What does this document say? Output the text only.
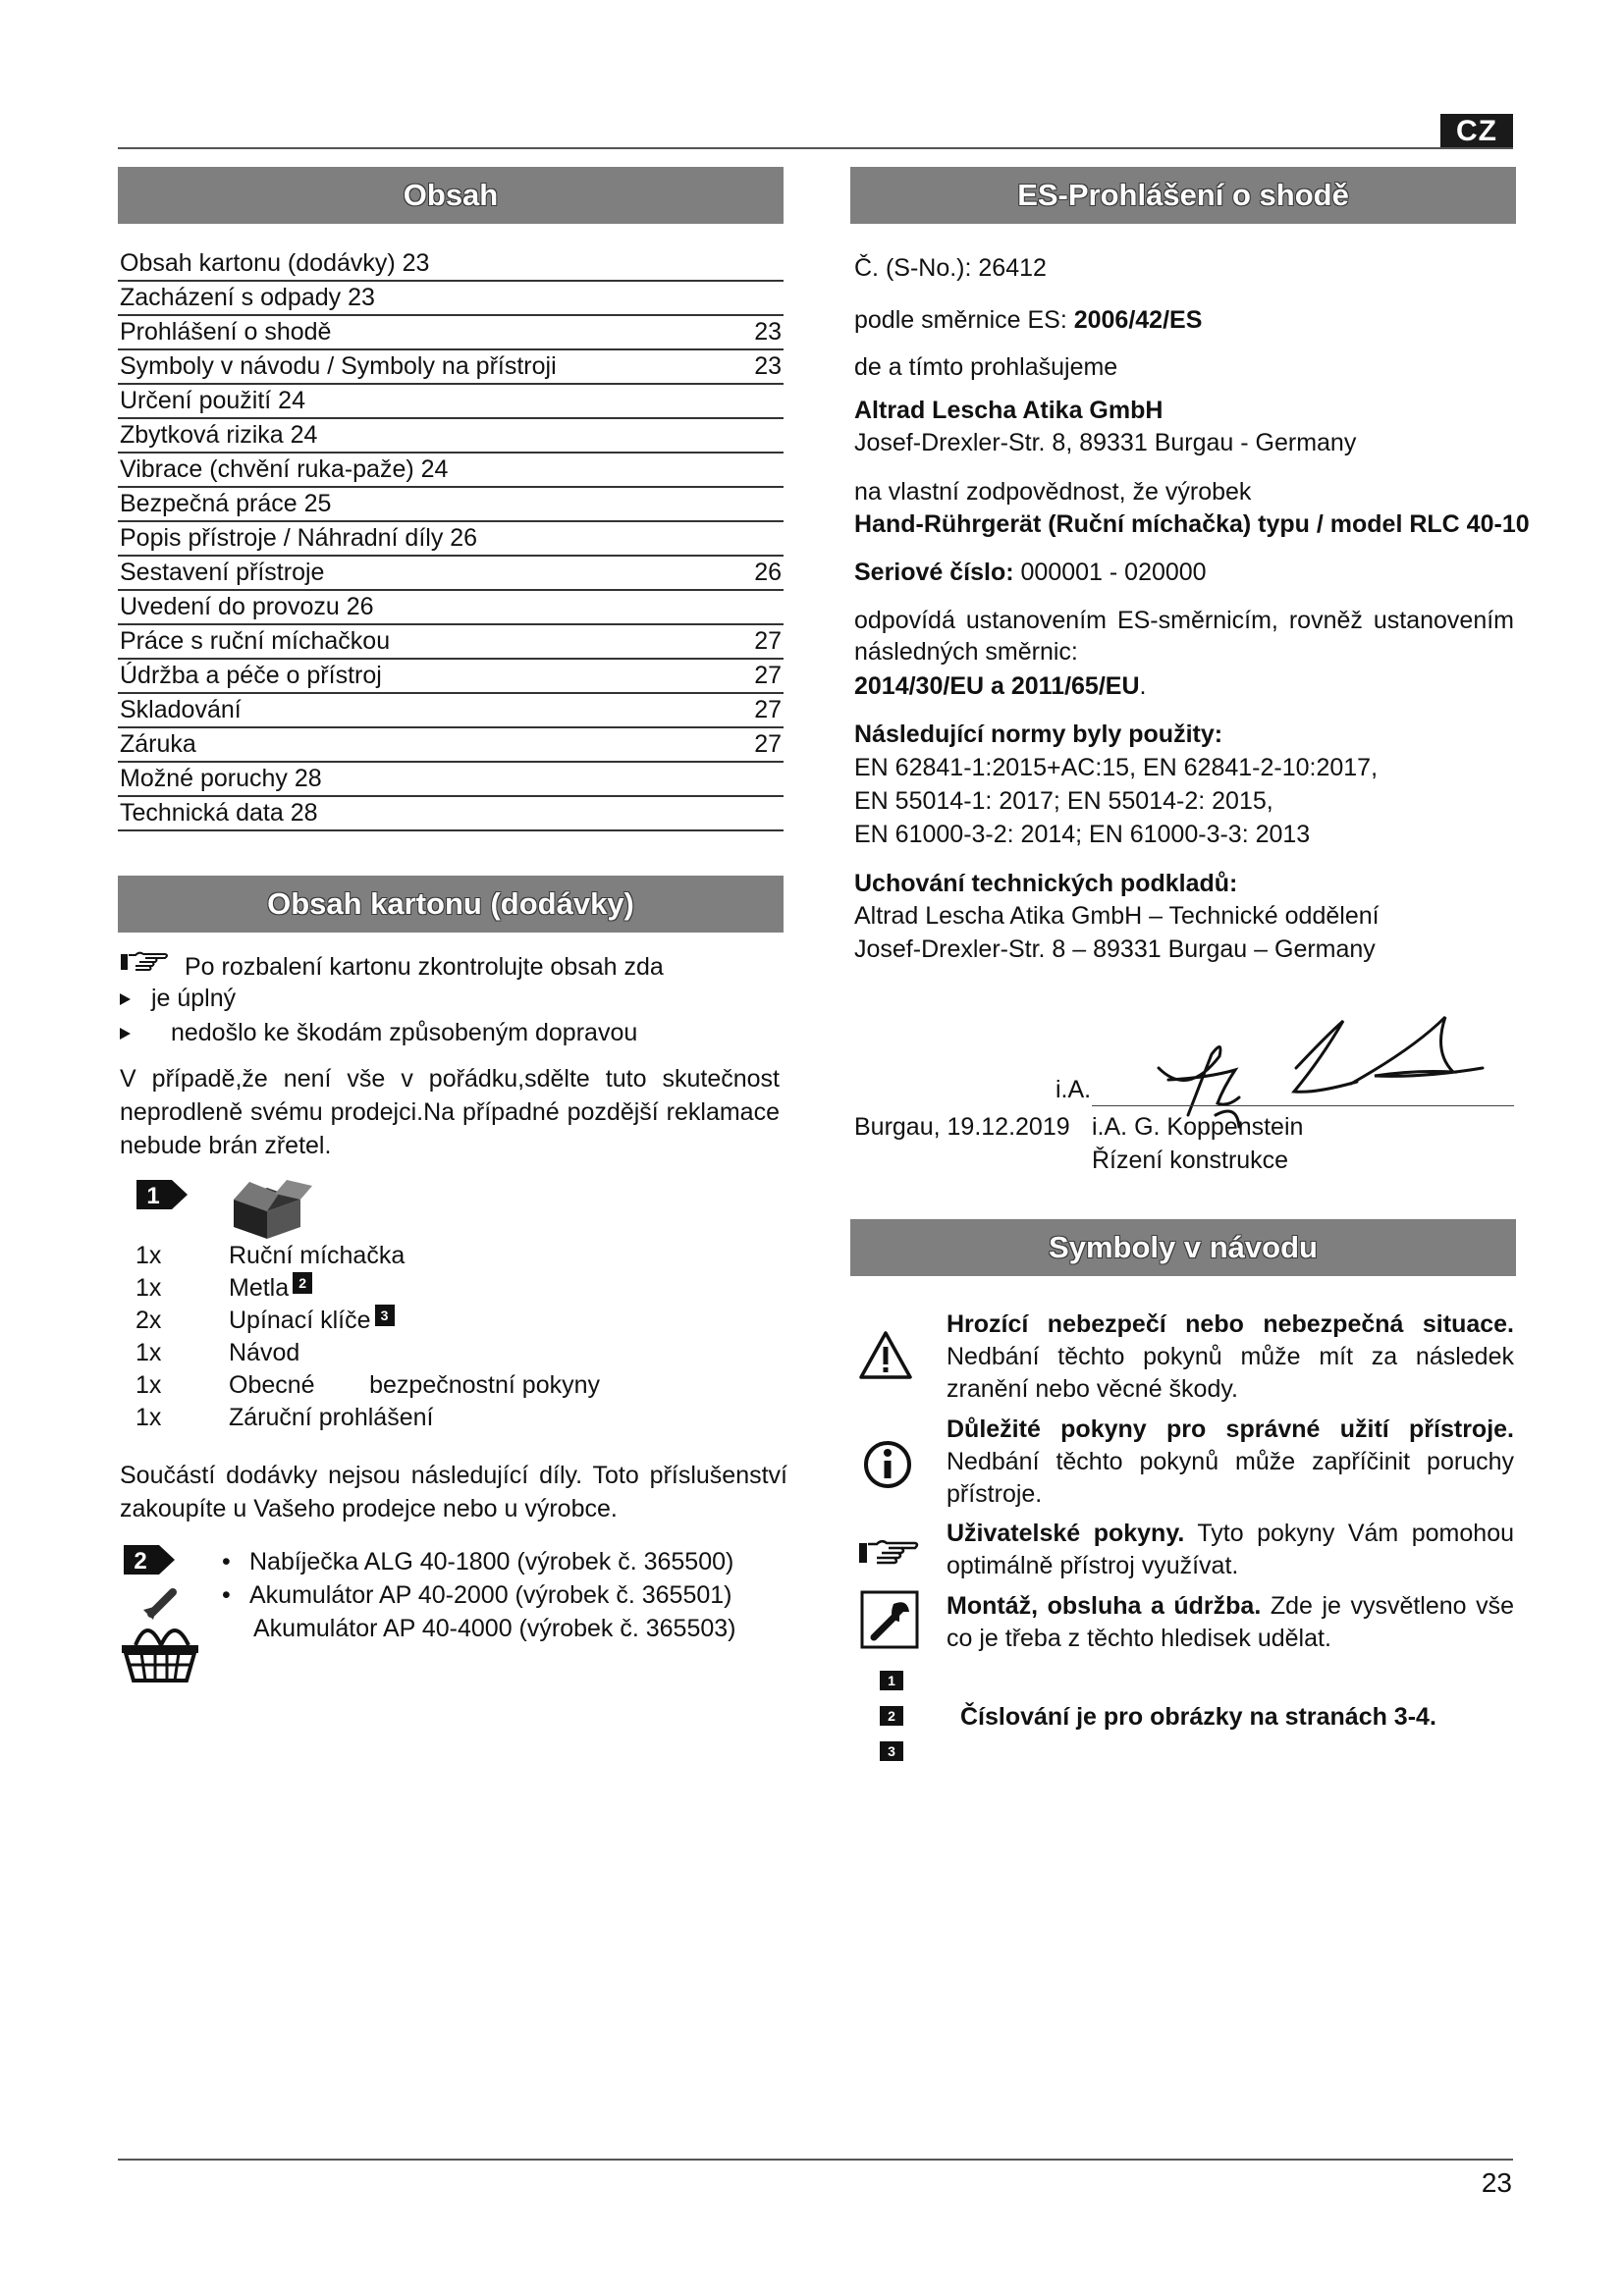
CZ
Obsah
Obsah kartonu (dodávky) 23
Zacházení s odpady 23
Prohlášení o shodě	23
Symboly v návodu / Symboly na přístroji	23
Určení použití 24
Zbytková rizika 24
Vibrace (chvění ruka-paže) 24
Bezpečná práce 25
Popis přístroje / Náhradní díly 26
Sestavení přístroje	26
Uvedení do provozu 26
Práce s ruční míchačkou	27
Údržba a péče o přístroj	27
Skladování	27
Záruka	27
Možné poruchy 28
Technická data 28
Obsah kartonu (dodávky)
Po rozbalení kartonu zkontrolujte obsah zda
je úplný
nedošlo ke škodám způsobeným dopravou
V případě,že není vše v pořádku,sdělte tuto skutečnost neprodleně svému prodejci.Na případné pozdější reklamace nebude brán zřetel.
1
1x	Ruční míchačka
1x	Metla 2
2x	Upínací klíče 3
1x	Návod
1x	Obecné        bezpečnostní pokyny
1x	Záruční prohlášení
Součástí dodávky nejsou následující díly. Toto příslušenství zakoupíte u Vašeho prodejce nebo u výrobce.
2	• Nabíječka ALG 40-1800 (výrobek č. 365500)
• Akumulátor AP 40-2000 (výrobek č. 365501)
Akumulátor AP 40-4000 (výrobek č. 365503)
ES-Prohlášení o shodě
Č. (S-No.): 26412
podle směrnice ES: 2006/42/ES
de a tímto prohlašujeme
Altrad Lescha Atika GmbH
Josef-Drexler-Str. 8, 89331 Burgau - Germany
na vlastní zodpovědnost, že výrobek
Hand-Rührgerät (Ruční míchačka) typu / model RLC 40-10
Seriové číslo: 000001 - 020000
odpovídá ustanovením ES-směrnicím, rovněž ustanovením následných směrnic:
2014/30/EU a 2011/65/EU.
Následující normy byly použity:
EN 62841-1:2015+AC:15, EN 62841-2-10:2017,
EN 55014-1: 2017; EN 55014-2: 2015,
EN 61000-3-2: 2014; EN 61000-3-3: 2013
Uchování technických podkladů:
Altrad Lescha Atika GmbH – Technické oddělení
Josef-Drexler-Str. 8 – 89331 Burgau – Germany
i.A.
Burgau, 19.12.2019 i.A. G. Koppenstein
Řízení konstrukce
Symboly v návodu
Hrozící nebezpečí nebo nebezpečná situace. Nedbání těchto pokynů může mít za následek zranění nebo věcné škody.
Důležité pokyny pro správné užití přístroje. Nedbání těchto pokynů může zapříčinit poruchy přístroje.
Uživatelské pokyny. Tyto pokyny Vám pomohou optimálně přístroj využívat.
Montáž, obsluha a údržba. Zde je vysvětleno vše co je třeba z těchto hledisek udělat.
1
2
3
Číslování je pro obrázky na stranách 3-4.
23
